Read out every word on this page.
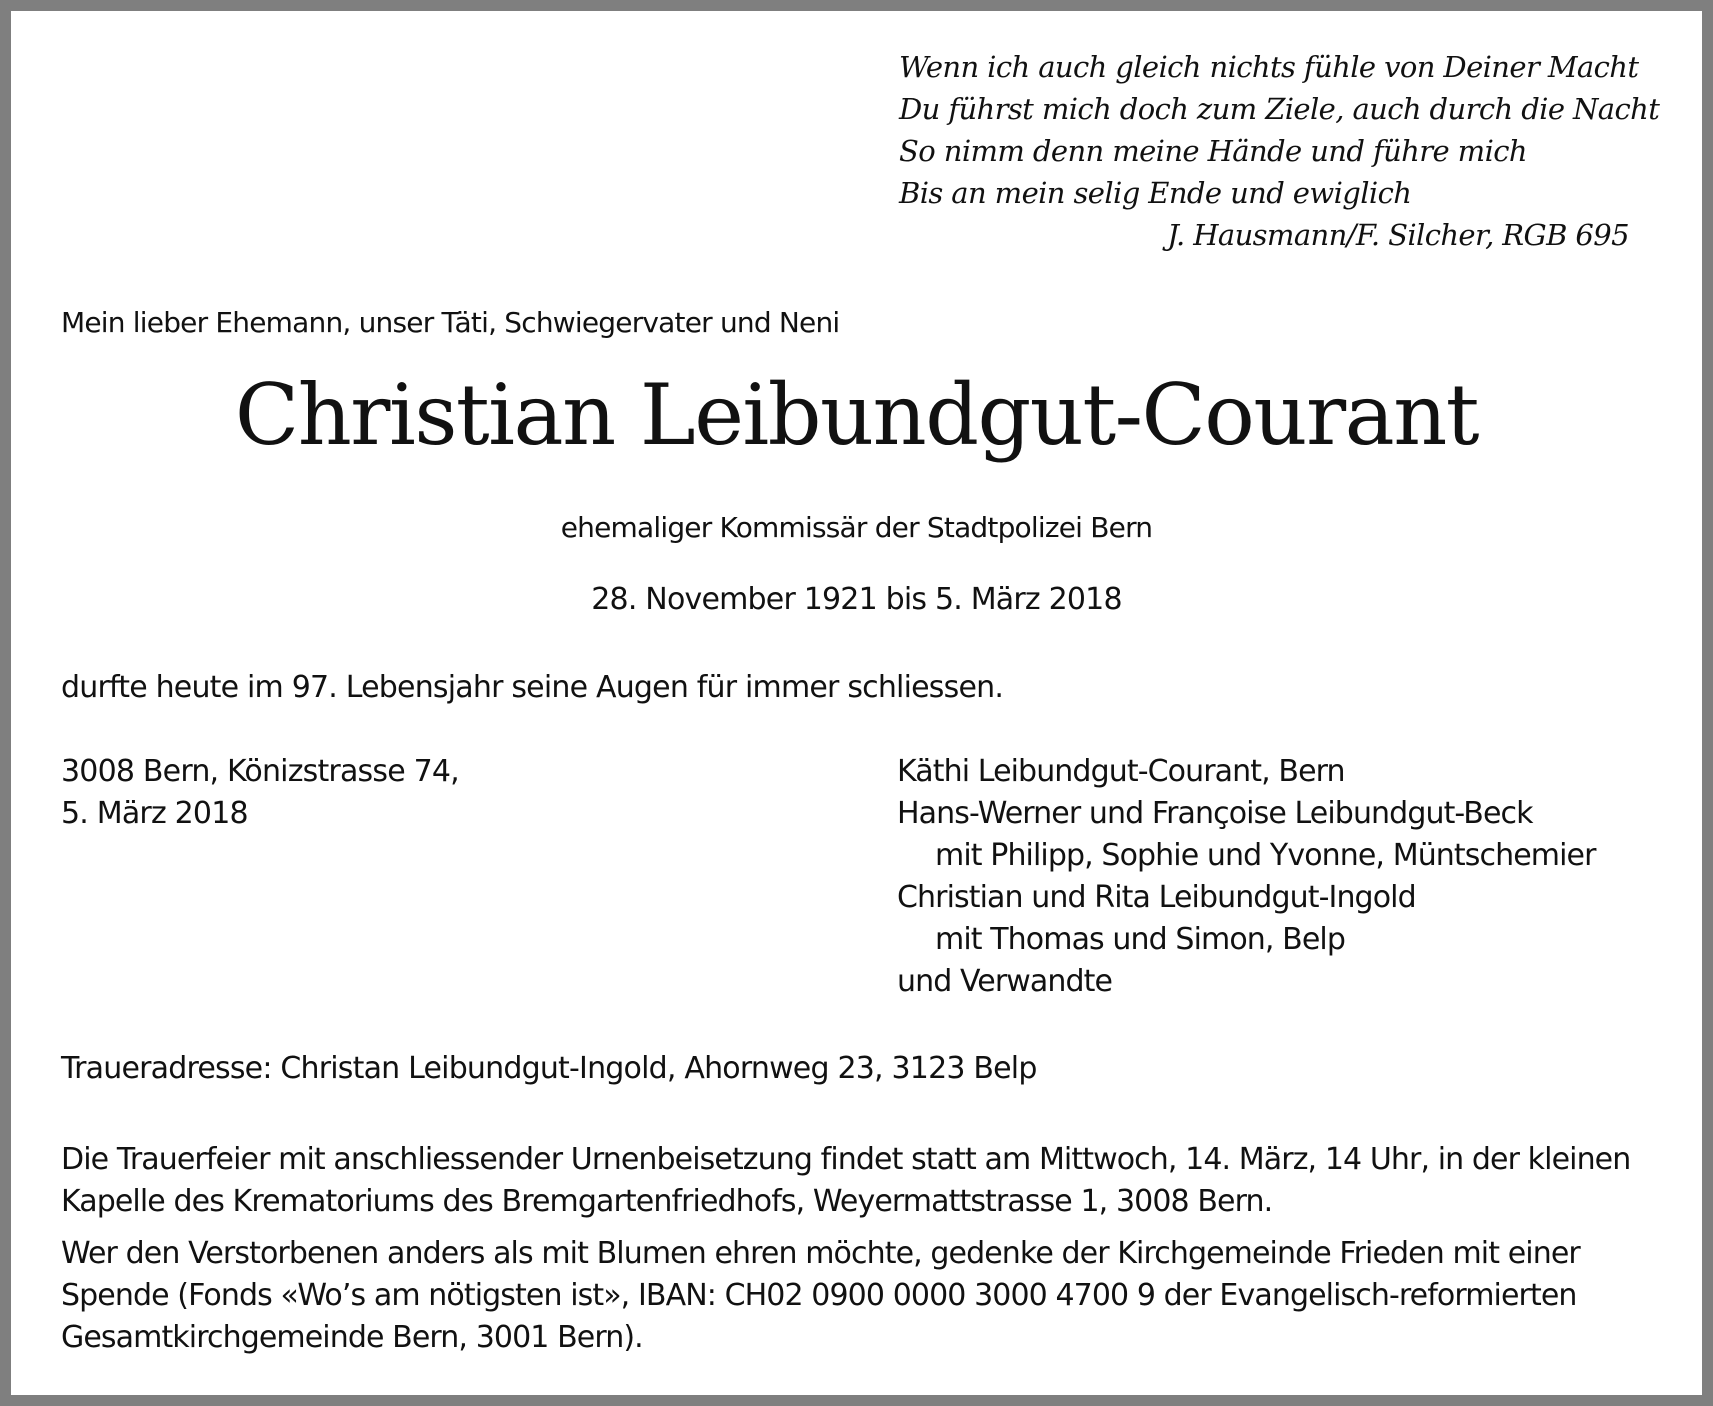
Wenn ich auch gleich nichts fühle von Deiner Macht
Du führst mich doch zum Ziele, auch durch die Nacht
So nimm denn meine Hände und führe mich
Bis an mein selig Ende und ewiglich
J. Hausmann/F. Silcher, RGB 695
Mein lieber Ehemann, unser Täti, Schwiegervater und Neni
Christian Leibundgut-Courant
ehemaliger Kommissär der Stadtpolizei Bern
28. November 1921 bis 5. März 2018
durfte heute im 97. Lebensjahr seine Augen für immer schliessen.
3008 Bern, Könizstrasse 74,
5. März 2018
Käthi Leibundgut-Courant, Bern
Hans-Werner und Françoise Leibundgut-Beck
mit Philipp, Sophie und Yvonne, Müntschemier
Christian und Rita Leibundgut-Ingold
mit Thomas und Simon, Belp
und Verwandte
Traueradresse: Christan Leibundgut-Ingold, Ahornweg 23, 3123 Belp
Die Trauerfeier mit anschliessender Urnenbeisetzung findet statt am Mittwoch, 14. März, 14 Uhr, in der kleinen
Kapelle des Krematoriums des Bremgartenfriedhofs, Weyermattstrasse 1, 3008 Bern.
Wer den Verstorbenen anders als mit Blumen ehren möchte, gedenke der Kirchgemeinde Frieden mit einer
Spende (Fonds «Wo’s am nötigsten ist», IBAN: CH02 0900 0000 3000 4700 9 der Evangelisch-reformierten
Gesamtkirchgemeinde Bern, 3001 Bern).
